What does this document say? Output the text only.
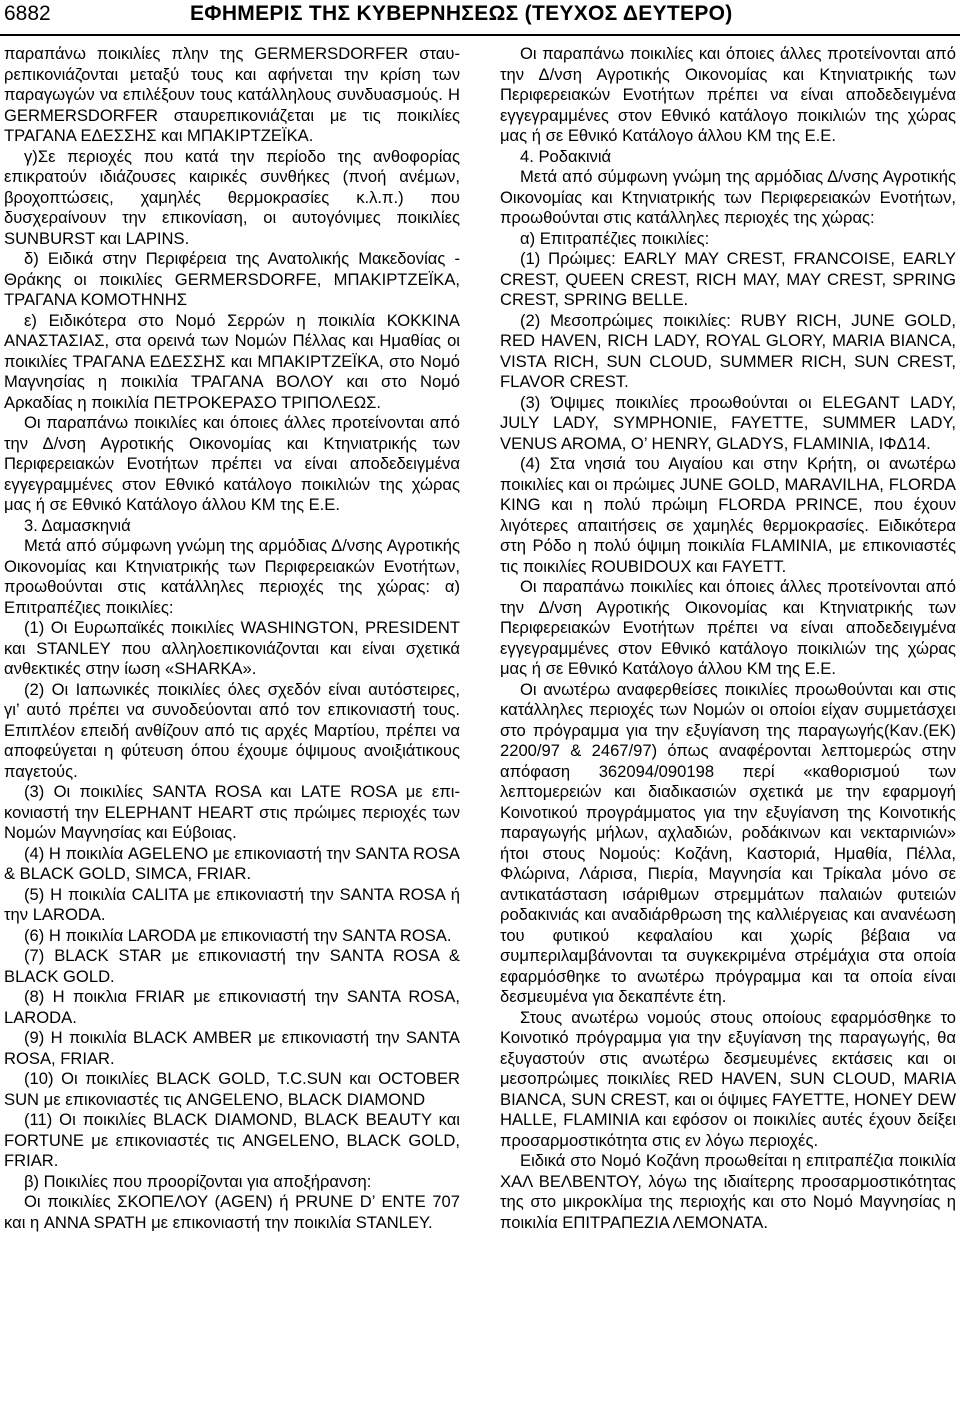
6882	ΕΦΗΜΕΡΙΣ ΤΗΣ ΚΥΒΕΡΝΗΣΕΩΣ (ΤΕΥΧΟΣ ΔΕΥΤΕΡΟ)

παραπάνω ποικιλίες πλην της GERMERSDORFER σταυρεπικονιάζονται μεταξύ τους και αφήνεται την κρίση των παραγωγών να επιλέξουν τους κατάλληλους συνδυασμούς. Η GERMERSDORFER σταυρεπικονιάζεται με τις ποικιλίες ΤΡΑΓΑΝΑ ΕΔΕΣΣΗΣ και ΜΠΑΚΙΡΤΖΕΪΚΑ.

γ)Σε περιοχές που κατά την περίοδο της ανθοφορίας επικρατούν ιδιάζουσες καιρικές συνθήκες (πνοή ανέμων, βροχοπτώσεις, χαμηλές θερμοκρασίες κ.λ.π.) που δυσχεραίνουν την επικονίαση, οι αυτογόνιμες ποικιλίες SUNBURST και LAPINS.

δ) Ειδικά στην Περιφέρεια της Ανατολικής Μακεδονίας Θράκης οι ποικιλίες GERMERSDORFE, ΜΠΑΚΙΡΤΖΕΪΚΑ, ΤΡΑΓΑΝΑ ΚΟΜΟΤΗΝΗΣ

ε) Ειδικότερα στο Νομό Σερρών η ποικιλία ΚΟΚΚΙΝΑ ΑΝΑΣΤΑΣΙΑΣ, στα ορεινά των Νομών Πέλλας και Ημαθίας οι ποικιλίες ΤΡΑΓΑΝΑ ΕΔΕΣΣΗΣ και ΜΠΑΚΙΡΤΖΕΪΚΑ, στο Νομό Μαγνησίας η ποικιλία ΤΡΑΓΑΝΑ ΒΟΛΟΥ και στο Νομό Αρκαδίας η ποικιλία ΠΕΤΡΟΚΕΡΑΣΟ ΤΡΙΠΟΛΕΩΣ.

Οι παραπάνω ποικιλίες και όποιες άλλες προτείνονται από την Δ/νση Αγροτικής Οικονομίας και Κτηνιατρικής των Περιφερειακών Ενοτήτων πρέπει να είναι αποδεδειγμένα εγγεγραμμένες στον Εθνικό κατάλογο ποικιλιών της χώρας μας ή σε Εθνικό Κατάλογο άλλου ΚΜ της Ε.Ε.

3. Δαμασκηνιά

Μετά από σύμφωνη γνώμη της αρμόδιας Δ/νσης Αγροτικής Οικονομίας και Κτηνιατρικής των Περιφερειακών Ενοτήτων, προωθούνται στις κατάλληλες περιοχές της χώρας: α) Επιτραπέζιες ποικιλίες:

(1) Οι Ευρωπαϊκές ποικιλίες WASHINGTON, PRESIDENT και STANLEY που αλληλοεπικονιάζονται και είναι σχετικά ανθεκτικές στην ίωση «SHARKA».

(2) Οι Ιαπωνικές ποικιλίες όλες σχεδόν είναι αυτόστειρες, γι’ αυτό πρέπει να συνοδεύονται από τον επικονιαστή τους. Επιπλέον επειδή ανθίζουν από τις αρχές Μαρτίου, πρέπει να αποφεύγεται η φύτευση όπου έχουμε όψιμους ανοιξιάτικους παγετούς.

(3) Οι ποικιλίες SANTA ROSA και LATE ROSA με επικονιαστή την ELEPHANT HEART στις πρώιμες περιοχές των Νομών Μαγνησίας και Εύβοιας.

(4) Η ποικιλία AGELENO με επικονιαστή την SANTA ROSA & BLACK GOLD, SIMCA, FRIAR.

(5) Η ποικιλία CALITA με επικονιαστή την SANTA ROSA ή την LARODA.

(6) Η ποικιλία LARODA με επικονιαστή την SANTA ROSA.

(7) BLACK STAR με επικονιαστή την SANTA ROSA & BLACK GOLD.

(8) Η ποικλια FRIAR με επικονιαστή την SANTA ROSA, LARODA.

(9) Η ποικιλία BLACK AMBER με επικονιαστή την SANTA ROSA, FRIAR.

(10) Οι ποικιλίες BLACK GOLD, T.C.SUN και OCTOBER SUN με επικονιαστές τις ANGELENO, BLACK DIAMOND

(11) Οι ποικιλίες BLACK DIAMOND, BLACK BEAUTY και FORTUNE με επικονιαστές τις ANGELENO, BLACK GOLD, FRIAR.

β) Ποικιλίες που προορίζονται για αποξήρανση:

Οι ποικιλίες ΣΚΟΠΕΛΟΥ (AGEN) ή PRUNE D’ ENTE 707 και η ANNA SPATH με επικονιαστή την ποικιλία STANLEY.

Οι παραπάνω ποικιλίες και όποιες άλλες προτείνονται από την Δ/νση Αγροτικής Οικονομίας και Κτηνιατρικής των Περιφερειακών Ενοτήτων πρέπει να είναι αποδεδειγμένα εγγεγραμμένες στον Εθνικό κατάλογο ποικιλιών της χώρας μας ή σε Εθνικό Κατάλογο άλλου ΚΜ της Ε.Ε.

4. Ροδακινιά

Μετά από σύμφωνη γνώμη της αρμόδιας Δ/νσης Αγροτικής Οικονομίας και Κτηνιατρικής των Περιφερειακών Ενοτήτων, προωθούνται στις κατάλληλες περιοχές της χώρας:

α) Επιτραπέζιες ποικιλίες:

(1) Πρώιμες: EARLY MAY CREST, FRANCOISE, EARLY CREST, QUEEN CREST, RICH MAY, MAY CREST, SPRING CREST, SPRING BELLE.

(2) Μεσοπρώιμες ποικιλίες: RUBY RICH, JUNE GOLD, RED HAVEN, RICH LADY, ROYAL GLORY, MARIA BIANCA, VISTA RICH, SUN CLOUD, SUMMER RICH, SUN CREST, FLAVOR CREST.

(3) Όψιμες ποικιλίες προωθούνται οι ELEGANT LADY, JULY LADY, SYMPHONIE, FAYETTE, SUMMER LADY, VENUS AROMA, O’ HENRY, GLADYS, FLAMINIA, ΙΦΔ14.

(4) Στα νησιά του Αιγαίου και στην Κρήτη, οι ανωτέρω ποικιλίες και οι πρώιμες JUNE GOLD, MARAVILHA, FLORDA KING και η πολύ πρώιμη FLORDA PRINCE, που έχουν λιγότερες απαιτήσεις σε χαμηλές θερμοκρασίες. Ειδικότερα στη Ρόδο η πολύ όψιμη ποικιλία FLAMINIA, με επικονιαστές τις ποικιλίες ROUBIDOUX και FAYETT.

Οι παραπάνω ποικιλίες και όποιες άλλες προτείνονται από την Δ/νση Αγροτικής Οικονομίας και Κτηνιατρικής των Περιφερειακών Ενοτήτων πρέπει να είναι αποδεδειγμένα εγγεγραμμένες στον Εθνικό κατάλογο ποικιλιών της χώρας μας ή σε Εθνικό Κατάλογο άλλου ΚΜ της Ε.Ε.

Οι ανωτέρω αναφερθείσες ποικιλίες προωθούνται και στις κατάλληλες περιοχές των Νομών οι οποίοι είχαν συμμετάσχει στο πρόγραμμα για την εξυγίανση της παραγωγής(Καν.(ΕΚ) 2200/97 & 2467/97) όπως αναφέρονται λεπτομερώς στην απόφαση 362094/090198 περί «καθορισμού των λεπτομερειών και διαδικασιών σχετικά με την εφαρμογή Κοινοτικού προγράμματος για την εξυγίανση της Κοινοτικής παραγωγής μήλων, αχλαδιών, ροδάκινων και νεκταρινιών» ήτοι στους Νομούς: Κοζάνη, Καστοριά, Ημαθία, Πέλλα, Φλώρινα, Λάρισα, Πιερία, Μαγνησία και Τρίκαλα μόνο σε αντικατάσταση ισάριθμων στρεμμάτων παλαιών φυτειών ροδακινιάς και αναδιάρθρωση της καλλιέργειας και ανανέωση του φυτικού κεφαλαίου και χωρίς βέβαια να συμπεριλαμβάνονται τα συγκεκριμένα στρέμάχια στα οποία εφαρμόσθηκε το ανωτέρω πρόγραμμα και τα οποία είναι δεσμευμένα για δεκαπέντε έτη.

Στους ανωτέρω νομούς στους οποίους εφαρμόσθηκε το Κοινοτικό πρόγραμμα για την εξυγίανση της παραγωγής, θα εξυγαστούν στις ανωτέρω δεσμευμένες εκτάσεις και οι μεσοπρώιμες ποικιλίες RED HAVEN, SUN CLOUD, MARIA BIANCA, SUN CREST, και οι όψιμες FAYETTE, HONEY DEW HALLE, FLAMINIA και εφόσον οι ποικιλίες αυτές έχουν δείξει προσαρμοστικότητα στις εν λόγω περιοχές.

Ειδικά στο Νομό Κοζάνη προωθείται η επιτραπέζια ποικιλία ΧΑΛ ΒΕΛΒΕΝΤΟΥ, λόγω της ιδιαίτερης προσαρμοστικότητας της στο μικροκλίμα της περιοχής και στο Νομό Μαγνησίας η ποικιλία ΕΠΙΤΡΑΠΕΖΙΑ ΛΕΜΟΝΑΤΑ.
